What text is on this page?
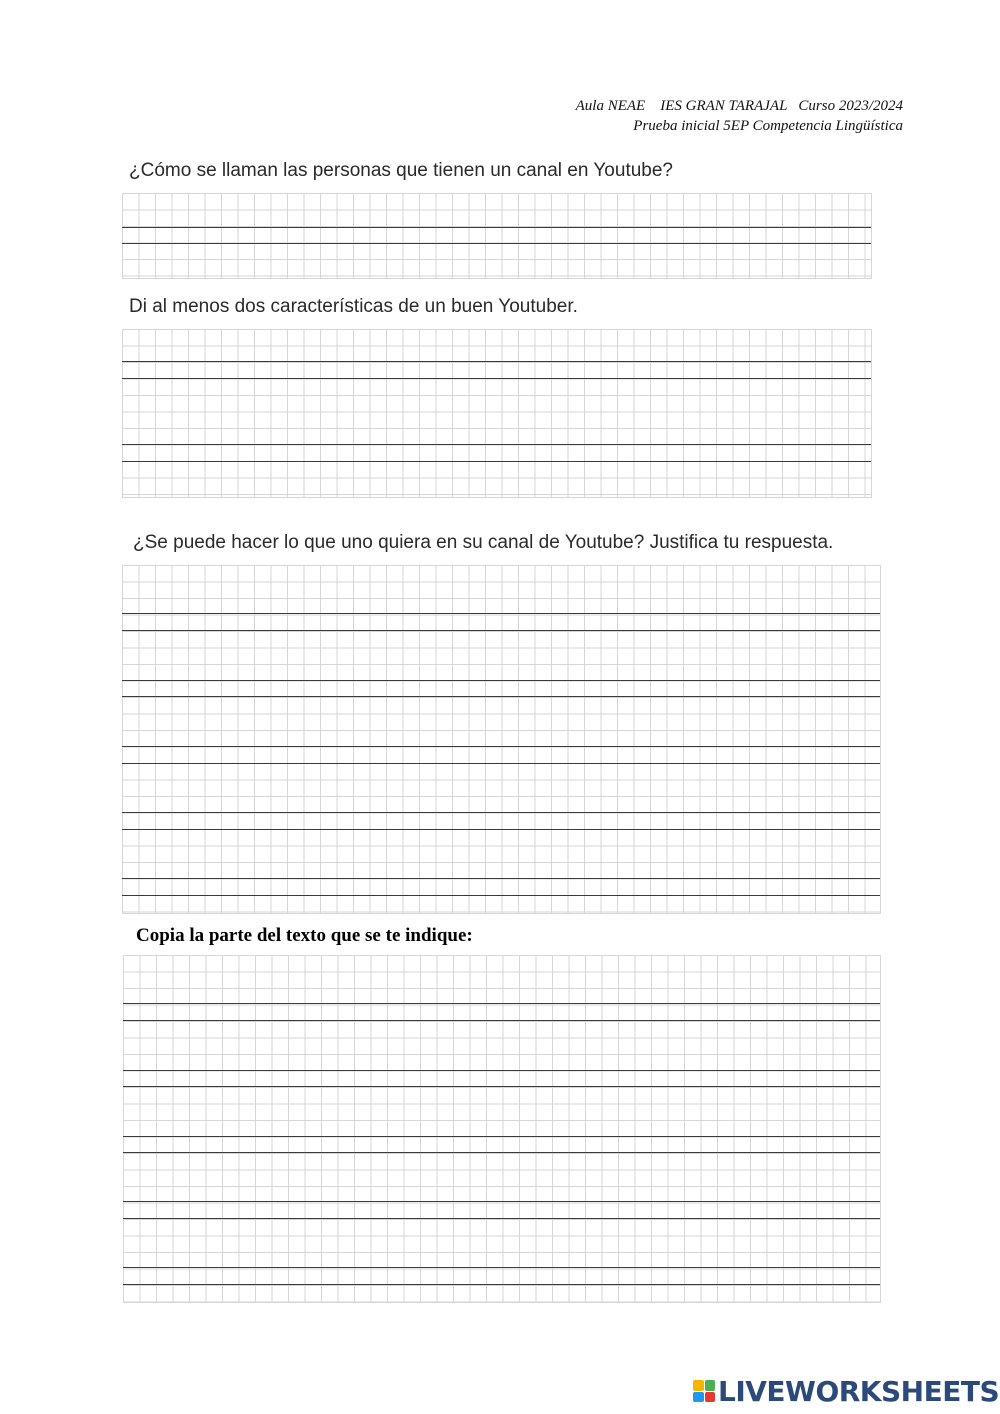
Aula NEAE    IES GRAN TARAJAL   Curso 2023/2024
Prueba inicial 5EP Competencia Lingüística
¿Cómo se llaman las personas que tienen un canal en Youtube?
Di al menos dos características de un buen Youtuber.
¿Se puede hacer lo que uno quiera en su canal de Youtube? Justifica tu respuesta.
Copia la parte del texto que se te indique:
LIVEWORKSHEETS
